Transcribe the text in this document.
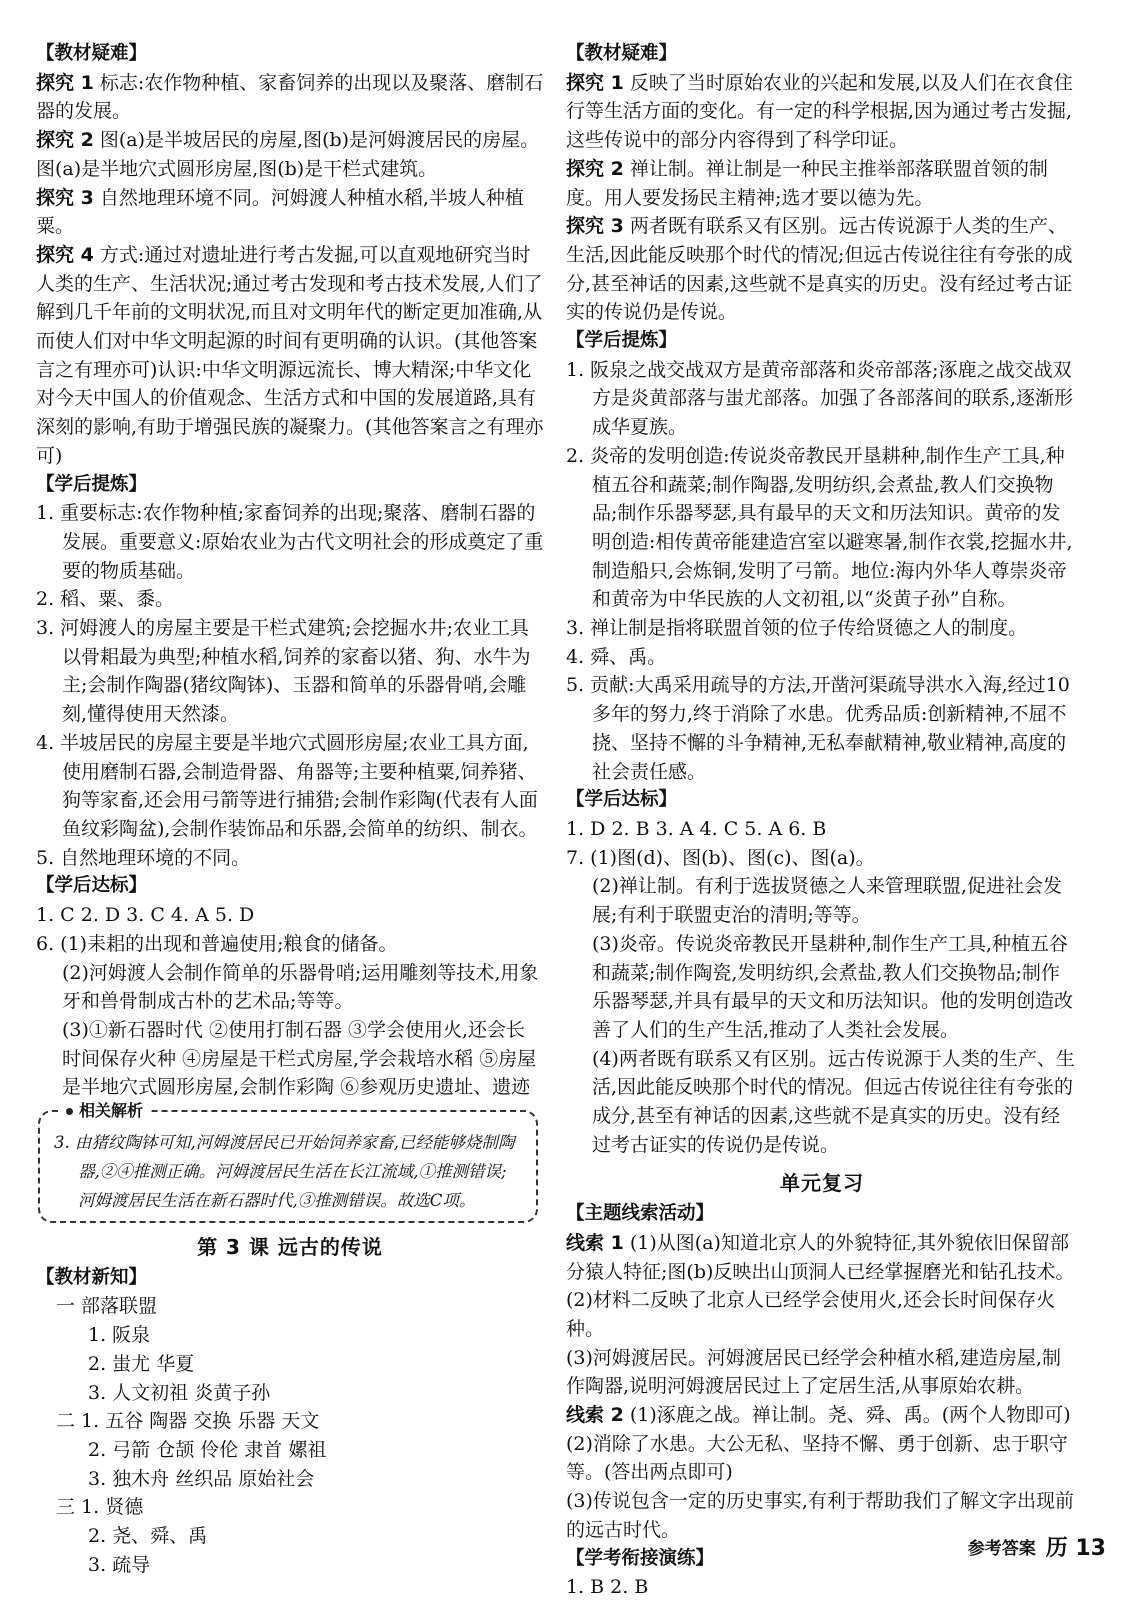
【教材疑难】
探究 1 标志:农作物种植、家畜饲养的出现以及聚落、磨制石器的发展。
探究 2 图(a)是半坡居民的房屋,图(b)是河姆渡居民的房屋。图(a)是半地穴式圆形房屋,图(b)是干栏式建筑。
探究 3 自然地理环境不同。河姆渡人种植水稻,半坡人种植粟。
探究 4 方式:通过对遗址进行考古发掘,可以直观地研究当时人类的生产、生活状况;通过考古发现和考古技术发展,人们了解到几千年前的文明状况,而且对文明年代的断定更加准确,从而使人们对中华文明起源的时间有更明确的认识。(其他答案言之有理亦可)认识:中华文明源远流长、博大精深;中华文化对今天中国人的价值观念、生活方式和中国的发展道路,具有深刻的影响,有助于增强民族的凝聚力。(其他答案言之有理亦可)
【学后提炼】
1. 重要标志:农作物种植;家畜饲养的出现;聚落、磨制石器的发展。重要意义:原始农业为古代文明社会的形成奠定了重要的物质基础。
2. 稻、粟、黍。
3. 河姆渡人的房屋主要是干栏式建筑;会挖掘水井;农业工具以骨耜最为典型;种植水稻,饲养的家畜以猪、狗、水牛为主;会制作陶器(猪纹陶钵)、玉器和简单的乐器骨哨,会雕刻,懂得使用天然漆。
4. 半坡居民的房屋主要是半地穴式圆形房屋;农业工具方面,使用磨制石器,会制造骨器、角器等;主要种植粟,饲养猪、狗等家畜,还会用弓箭等进行捕猎;会制作彩陶(代表有人面鱼纹彩陶盆),会制作装饰品和乐器,会简单的纺织、制衣。
5. 自然地理环境的不同。
【学后达标】
1. C 2. D 3. C 4. A 5. D
6. (1)耒耜的出现和普遍使用;粮食的储备。
(2)河姆渡人会制作简单的乐器骨哨;运用雕刻等技术,用象牙和兽骨制成古朴的艺术品;等等。
(3)①新石器时代 ②使用打制石器 ③学会使用火,还会长时间保存火种 ④房屋是干栏式房屋,学会栽培水稻 ⑤房屋是半地穴式圆形房屋,会制作彩陶 ⑥参观历史遗址、遗迹
相关解析
3. 由猪纹陶钵可知,河姆渡居民已开始饲养家畜,已经能够烧制陶器,②④推测正确。河姆渡居民生活在长江流域,①推测错误;河姆渡居民生活在新石器时代,③推测错误。故选C项。
第 3 课 远古的传说
【教材新知】
一 部落联盟
1. 阪泉
2. 蚩尤 华夏
3. 人文初祖 炎黄子孙
二 1. 五谷 陶器 交换 乐器 天文
2. 弓箭 仓颉 伶伦 隶首 嫘祖
3. 独木舟 丝织品 原始社会
三 1. 贤德
2. 尧、舜、禹
3. 疏导
【教材疑难】
探究 1 反映了当时原始农业的兴起和发展,以及人们在衣食住行等生活方面的变化。有一定的科学根据,因为通过考古发掘,这些传说中的部分内容得到了科学印证。
探究 2 禅让制。禅让制是一种民主推举部落联盟首领的制度。用人要发扬民主精神;选才要以德为先。
探究 3 两者既有联系又有区别。远古传说源于人类的生产、生活,因此能反映那个时代的情况;但远古传说往往有夸张的成分,甚至神话的因素,这些就不是真实的历史。没有经过考古证实的传说仍是传说。
【学后提炼】
1. 阪泉之战交战双方是黄帝部落和炎帝部落;涿鹿之战交战双方是炎黄部落与蚩尤部落。加强了各部落间的联系,逐渐形成华夏族。
2. 炎帝的发明创造:传说炎帝教民开垦耕种,制作生产工具,种植五谷和蔬菜;制作陶器,发明纺织,会煮盐,教人们交换物品;制作乐器琴瑟,具有最早的天文和历法知识。黄帝的发明创造:相传黄帝能建造宫室以避寒暑,制作衣裳,挖掘水井,制造船只,会炼铜,发明了弓箭。地位:海内外华人尊崇炎帝和黄帝为中华民族的人文初祖,以“炎黄子孙”自称。
3. 禅让制是指将联盟首领的位子传给贤德之人的制度。
4. 舜、禹。
5. 贡献:大禹采用疏导的方法,开凿河渠疏导洪水入海,经过10多年的努力,终于消除了水患。优秀品质:创新精神,不屈不挠、坚持不懈的斗争精神,无私奉献精神,敬业精神,高度的社会责任感。
【学后达标】
1. D 2. B 3. A 4. C 5. A 6. B
7. (1)图(d)、图(b)、图(c)、图(a)。
(2)禅让制。有利于选拔贤德之人来管理联盟,促进社会发展;有利于联盟吏治的清明;等等。
(3)炎帝。传说炎帝教民开垦耕种,制作生产工具,种植五谷和蔬菜;制作陶瓷,发明纺织,会煮盐,教人们交换物品;制作乐器琴瑟,并具有最早的天文和历法知识。他的发明创造改善了人们的生产生活,推动了人类社会发展。
(4)两者既有联系又有区别。远古传说源于人类的生产、生活,因此能反映那个时代的情况。但远古传说往往有夸张的成分,甚至有神话的因素,这些就不是真实的历史。没有经过考古证实的传说仍是传说。
单元复习
【主题线索活动】
线索 1 (1)从图(a)知道北京人的外貌特征,其外貌依旧保留部分猿人特征;图(b)反映出山顶洞人已经掌握磨光和钻孔技术。
(2)材料二反映了北京人已经学会使用火,还会长时间保存火种。
(3)河姆渡居民。河姆渡居民已经学会种植水稻,建造房屋,制作陶器,说明河姆渡居民过上了定居生活,从事原始农耕。
线索 2 (1)涿鹿之战。禅让制。尧、舜、禹。(两个人物即可)
(2)消除了水患。大公无私、坚持不懈、勇于创新、忠于职守等。(答出两点即可)
(3)传说包含一定的历史事实,有利于帮助我们了解文字出现前的远古时代。
【学考衔接演练】
1. B 2. B
参考答案 历 13
